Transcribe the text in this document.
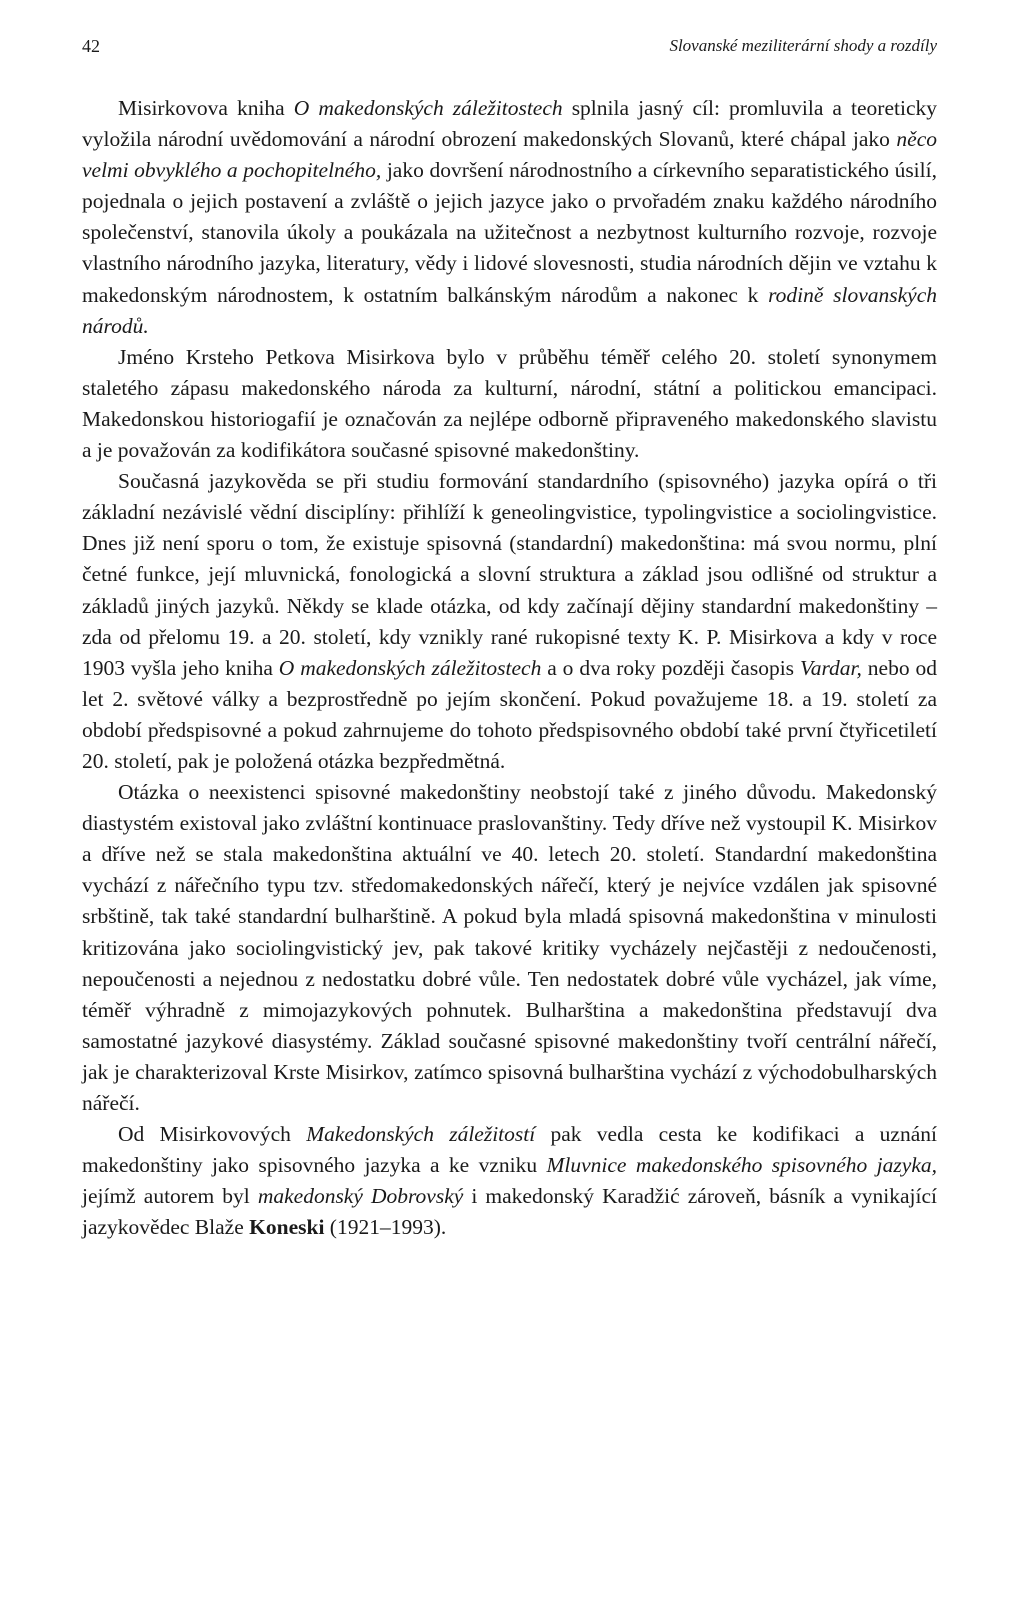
42	Slovanské meziliterární shody a rozdíly

Misirkovova kniha O makedonských záležitostech splnila jasný cíl: promluvila a teoreticky vyložila národní uvědomování a národní obrození makedonských Slovanů, které chápal jako něco velmi obvyklého a pochopitelného, jako dovršení národnostního a církevního separatistického úsilí, pojednala o jejich postavení a zvláště o jejich jazyce jako o prvořadém znaku každého národního společenství, stanovila úkoly a poukázala na užitečnost a nezbytnost kulturního rozvoje, rozvoje vlastního národního jazyka, literatury, vědy i lidové slovesnosti, studia národních dějin ve vztahu k makedonským národnostem, k ostatním balkánským národům a nakonec k rodině slovanských národů.

Jméno Krsteho Petkova Misirkova bylo v průběhu téměř celého 20. století synonymem staletého zápasu makedonského národa za kulturní, národní, státní a politickou emancipaci. Makedonskou historiogafií je označován za nejlépe odborně připraveného makedonského slavistu a je považován za kodifikátora současné spisovné makedonštiny.

Současná jazykověda se při studiu formování standardního (spisovného) jazyka opírá o tři základní nezávislé vědní disciplíny: přihlíží k geneolingvistice, typolingvistice a sociolingvistice. Dnes již není sporu o tom, že existuje spisovná (standardní) makedonština: má svou normu, plní četné funkce, její mluvnická, fonologická a slovní struktura a základ jsou odlišné od struktur a základů jiných jazyků. Někdy se klade otázka, od kdy začínají dějiny standardní makedonštiny – zda od přelomu 19. a 20. století, kdy vznikly rané rukopisné texty K. P. Misirkova a kdy v roce 1903 vyšla jeho kniha O makedonských záležitostech a o dva roky později časopis Vardar, nebo od let 2. světové války a bezprostředně po jejím skončení. Pokud považujeme 18. a 19. století za období předspisovné a pokud zahrnujeme do tohoto předspisovného období také první čtyřicetiletí 20. století, pak je položená otázka bezpředmětná.

Otázka o neexistenci spisovné makedonštiny neobstojí také z jiného důvodu. Makedonský diastystém existoval jako zvláštní kontinuace praslovanštiny. Tedy dříve než vystoupil K. Misirkov a dříve než se stala makedonština aktuální ve 40. letech 20. století. Standardní makedonština vychází z nářečního typu tzv. středomakedonských nářečí, který je nejvíce vzdálen jak spisovné srbštině, tak také standardní bulharštině. A pokud byla mladá spisovná makedonština v minulosti kritizována jako sociolingvistický jev, pak takové kritiky vycházely nejčastěji z nedoučenosti, nepoučenosti a nejednou z nedostatku dobré vůle. Ten nedostatek dobré vůle vycházel, jak víme, téměř výhradně z mimojazykových pohnutek. Bulharština a makedonština představují dva samostatné jazykové diasystémy. Základ současné spisovné makedonštiny tvoří centrální nářečí, jak je charakterizoval Krste Misirkov, zatímco spisovná bulharština vychází z východobulharských nářečí.

Od Misirkovových Makedonských záležitostí pak vedla cesta ke kodifikaci a uznání makedonštiny jako spisovného jazyka a ke vzniku Mluvnice makedonského spisovného jazyka, jejímž autorem byl makedonský Dobrovský i makedonský Karadžić zároveň, básník a vynikající jazykovědec Blaže Koneski (1921–1993).
